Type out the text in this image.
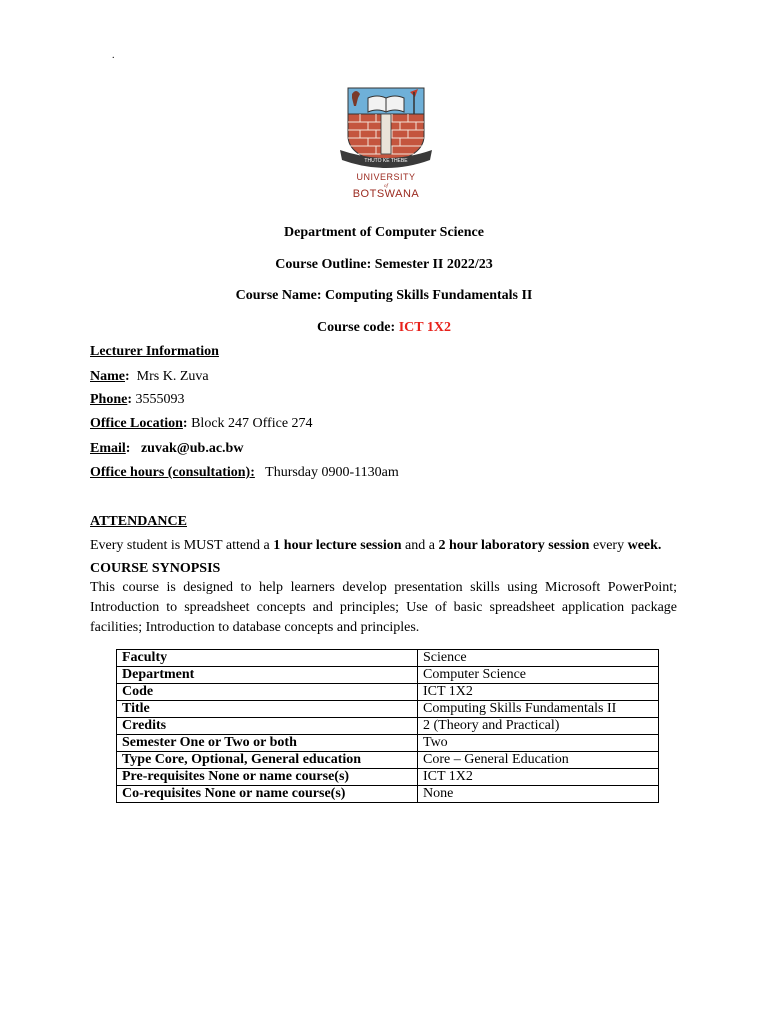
.
THUTO KE THEBE
UNIVERSITY
of
BOTSWANA
Department of Computer Science
Course Outline: Semester II 2022/23
Course Name: Computing Skills Fundamentals II
Course code: ICT 1X2
Lecturer Information
Name: Mrs K. Zuva
Phone: 3555093
Office Location: Block 247 Office 274
Email: zuvak@ub.ac.bw
Office hours (consultation): Thursday 0900-1130am
ATTENDANCE
Every student is MUST attend a 1 hour lecture session and a 2 hour laboratory session every week.
COURSE SYNOPSIS
This course is designed to help learners develop presentation skills using Microsoft PowerPoint; Introduction to spreadsheet concepts and principles; Use of basic spreadsheet application package facilities; Introduction to database concepts and principles.
Faculty	Science
Department	Computer Science
Code	ICT 1X2
Title	Computing Skills Fundamentals II
Credits	2 (Theory and Practical)
Semester One or Two or both	Two
Type Core, Optional, General education	Core – General Education
Pre-requisites None or name course(s)	ICT 1X2
Co-requisites None or name course(s)	None
